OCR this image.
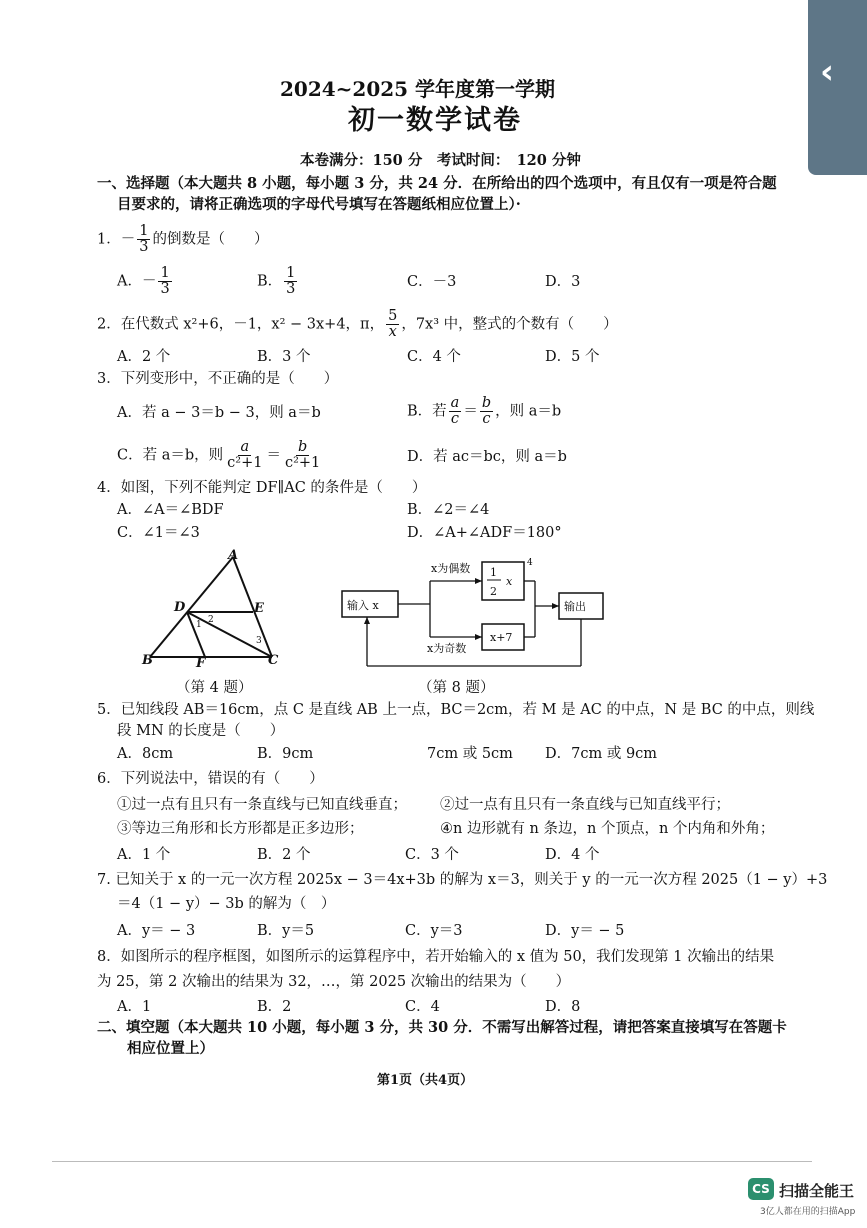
2024~2025 学年度第一学期
初一数学试卷
本卷满分：150 分　考试时间：　120 分钟
一、选择题（本大题共 8 小题，每小题 3 分，共 24 分．在所给出的四个选项中，有且仅有一项是符合题
目要求的，请将正确选项的字母代号填写在答题纸相应位置上）·
1．－ $\frac{1}{3}$ 的倒数是（　　）
A．－ $\frac{1}{3}$	B． $\frac{1}{3}$	C．－3	D．3
2．在代数式 x²+6，－1，x² − 3x+4，π， $\frac{5}{x}$ ，7x³ 中，整式的个数有（　　）
A．2 个	B．3 个	C．4 个	D．5 个
3．下列变形中，不正确的是（　　）
A．若 a − 3＝b − 3，则 a＝b	B．若 $\frac{a}{c} = \frac{b}{c}$ ，则 a＝b
C．若 a＝b，则 $\frac{a}{\text{c²+1}} = \frac{b}{\text{c²+1}}$	D．若 ac＝bc，则 a＝b
4．如图，下列不能判定 DF∥AC 的条件是（　　）
A．∠A＝∠BDF	B．∠2＝∠4
C．∠1＝∠3	D．∠A+∠ADF＝180°
A
B	C
D	E
F
1 2
3
（第 4 题）
输入 x
x为偶数
x为奇数
输出
x+7
1
2
x
4
（第 8 题）
5．已知线段 AB＝16cm，点 C 是直线 AB 上一点，BC＝2cm，若 M 是 AC 的中点，N 是 BC 的中点，则线
段 MN 的长度是（　　）
A．8cm	B．9cm	7cm 或 5cm D．7cm 或 9cm
6．下列说法中，错误的有（　　）
①过一点有且只有一条直线与已知直线垂直； ②过一点有且只有一条直线与已知直线平行；
③等边三角形和长方形都是正多边形；	④n 边形就有 n 条边，n 个顶点，n 个内角和外角；
A．1 个	B．2 个	C．3 个	D．4 个
7. 已知关于 x 的一元一次方程 2025x − 3＝4x+3b 的解为 x＝3，则关于 y 的一元一次方程 2025（1 − y）+3
＝4（1 − y）− 3b 的解为（　）
A．y＝ − 3	B．y＝5	C．y＝3	D．y＝ − 5
8．如图所示的程序框图，如图所示的运算程序中，若开始输入的 x 值为 50，我们发现第 1 次输出的结果
为 25，第 2 次输出的结果为 32，…，第 2025 次输出的结果为（　　）
A．1	B．2	C．4	D．8
二、填空题（本大题共 10 小题，每小题 3 分，共 30 分．不需写出解答过程，请把答案直接填写在答题卡
相应位置上）
第1页（共4页）
CS 扫描全能王
3亿人都在用的扫描App
‹
